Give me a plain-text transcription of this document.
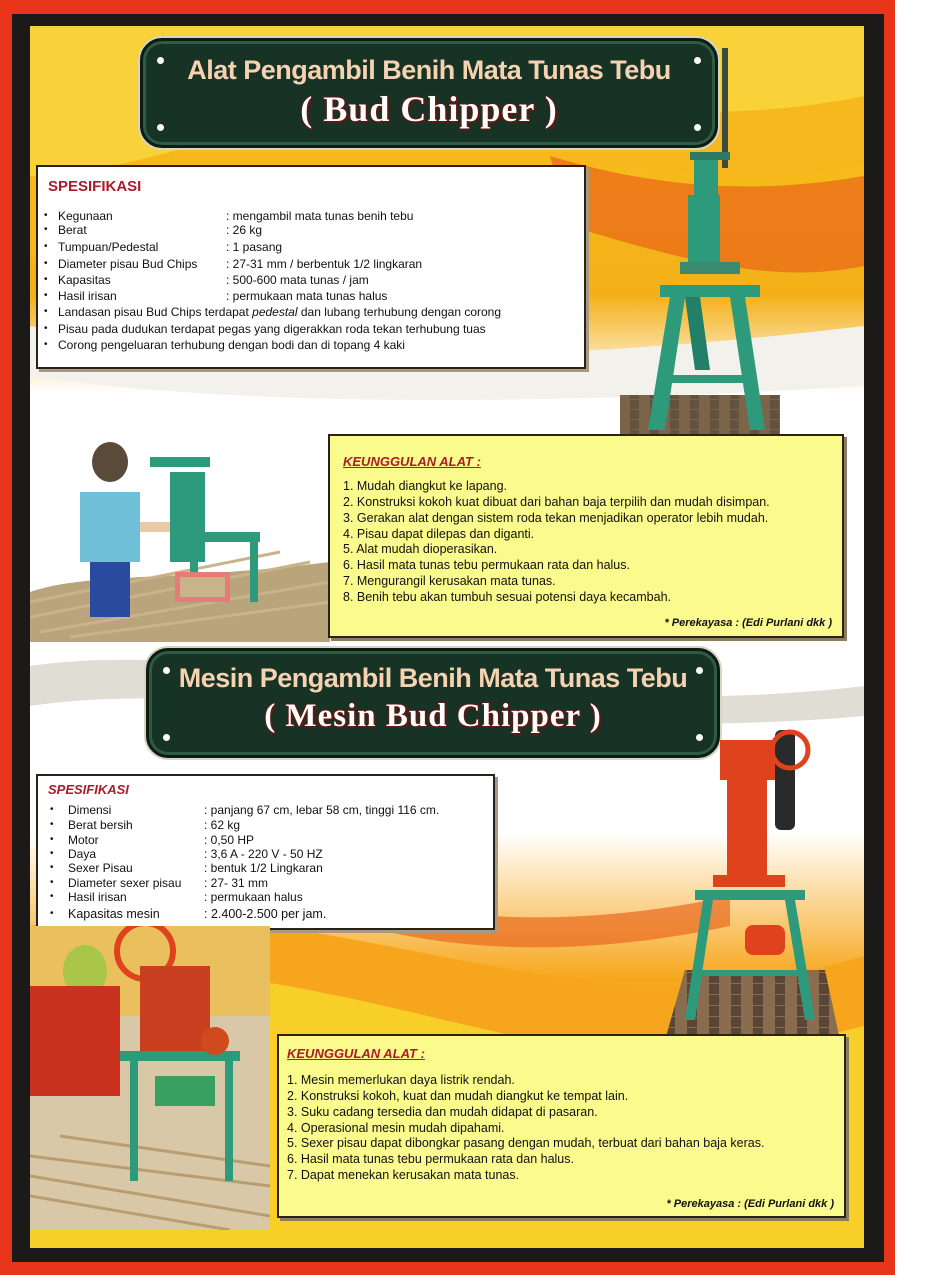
Alat Pengambil Benih Mata Tunas Tebu
( Bud Chipper )
SPESIFIKASI
• Kegunaan	: mengambil mata tunas benih tebu
• Berat	: 26 kg
• Tumpuan/Pedestal	: 1 pasang
• Diameter pisau Bud Chips : 27-31 mm / berbentuk 1/2 lingkaran
• Kapasitas	: 500-600 mata tunas / jam
• Hasil irisan	: permukaan mata tunas halus
• Landasan pisau Bud Chips terdapat pedestal dan lubang terhubung dengan corong
• Pisau pada dudukan terdapat pegas yang digerakkan roda tekan terhubung tuas
• Corong pengeluaran terhubung dengan bodi dan di topang 4 kaki
KEUNGGULAN ALAT :
1. Mudah diangkut ke lapang.
2. Konstruksi kokoh kuat dibuat dari bahan baja terpilih dan mudah disimpan.
3. Gerakan alat dengan sistem roda tekan menjadikan operator lebih mudah.
4. Pisau dapat dilepas dan diganti.
5. Alat mudah dioperasikan.
6. Hasil mata tunas tebu permukaan rata dan halus.
7. Mengurangil kerusakan mata tunas.
8. Benih tebu akan tumbuh sesuai potensi daya kecambah.
* Perekayasa : (Edi Purlani dkk )
Mesin Pengambil Benih Mata Tunas Tebu
( Mesin Bud Chipper )
SPESIFIKASI
• Dimensi	: panjang 67 cm, lebar 58 cm, tinggi 116 cm.
• Berat bersih	: 62 kg
• Motor	: 0,50 HP
• Daya	: 3,6 A - 220 V - 50 HZ
• Sexer Pisau	: bentuk 1/2 Lingkaran
• Diameter sexer pisau : 27- 31 mm
• Hasil irisan	: permukaan halus
• Kapasitas mesin	: 2.400-2.500 per jam.
KEUNGGULAN ALAT :
1. Mesin memerlukan daya listrik rendah.
2. Konstruksi kokoh, kuat dan mudah diangkut ke tempat lain.
3. Suku cadang tersedia dan mudah didapat di pasaran.
4. Operasional mesin mudah dipahami.
5. Sexer pisau dapat dibongkar pasang dengan mudah, terbuat dari bahan baja keras.
6. Hasil mata tunas tebu permukaan rata dan halus.
7. Dapat menekan kerusakan mata tunas.
* Perekayasa : (Edi Purlani dkk )
